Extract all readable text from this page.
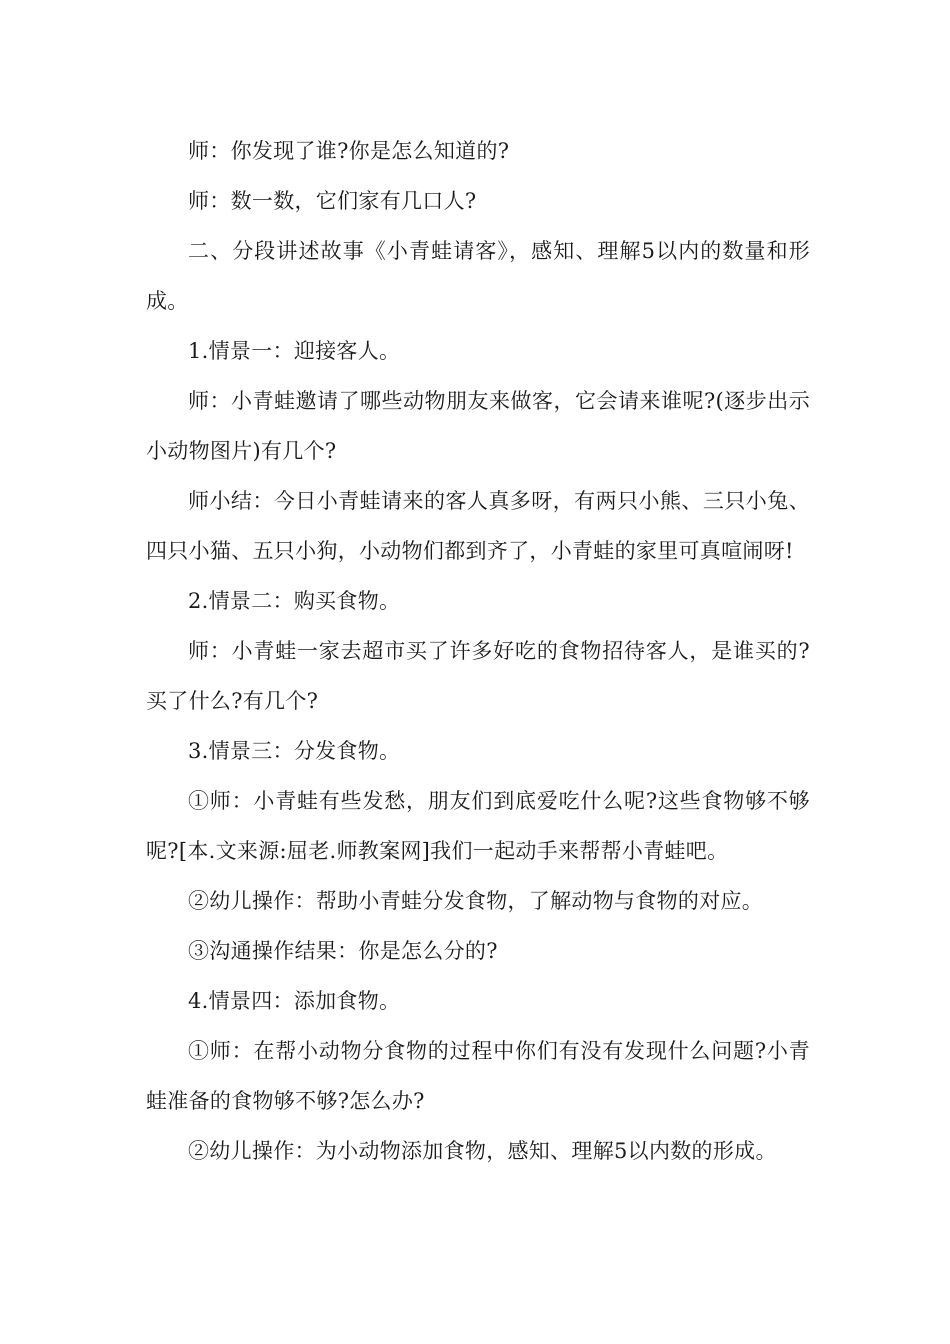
师：你发现了谁?你是怎么知道的?

师：数一数，它们家有几口人?

二、分段讲述故事《小青蛙请客》，感知、理解5以内的数量和形成。

1.情景一：迎接客人。

师：小青蛙邀请了哪些动物朋友来做客，它会请来谁呢?(逐步出示小动物图片)有几个?

师小结：今日小青蛙请来的客人真多呀，有两只小熊、三只小兔、四只小猫、五只小狗，小动物们都到齐了，小青蛙的家里可真喧闹呀!

2.情景二：购买食物。

师：小青蛙一家去超市买了许多好吃的食物招待客人，是谁买的?买了什么?有几个?

3.情景三：分发食物。

①师：小青蛙有些发愁，朋友们到底爱吃什么呢?这些食物够不够呢?[本.文来源:屈老.师教案网]我们一起动手来帮帮小青蛙吧。

②幼儿操作：帮助小青蛙分发食物，了解动物与食物的对应。

③沟通操作结果：你是怎么分的?

4.情景四：添加食物。

①师：在帮小动物分食物的过程中你们有没有发现什么问题?小青蛙准备的食物够不够?怎么办?

②幼儿操作：为小动物添加食物，感知、理解5以内数的形成。
